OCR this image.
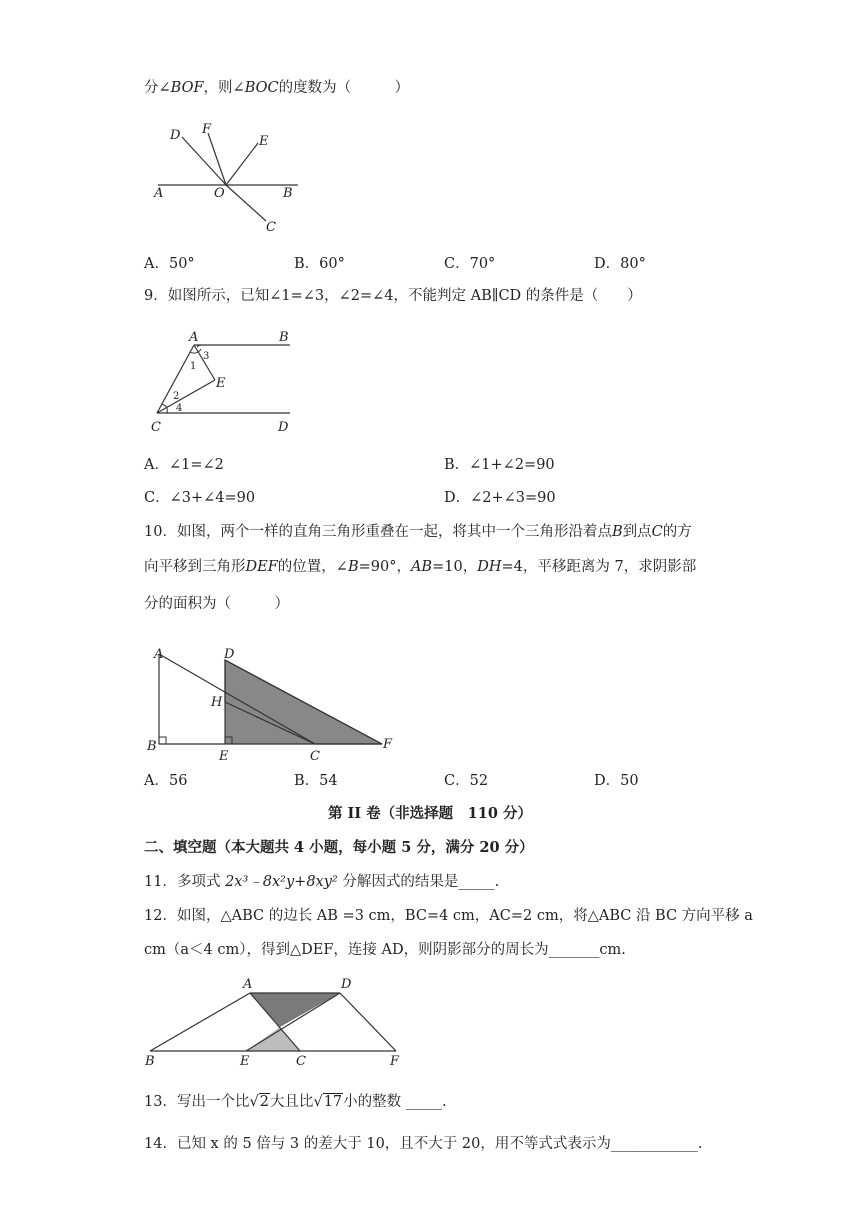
分∠BOF，则∠BOC的度数为（　　　）
D F
E
A	O	B
C
A．50°	B．60°	C．70°	D．80°
9．如图所示，已知∠1=∠3，∠2=∠4，不能判定 AB∥CD 的条件是（　　）
A	B
3
1
E
2
4
C	D
A．∠1=∠2	B．∠1+∠2=90
C．∠3+∠4=90	D．∠2+∠3=90
10．如图，两个一样的直角三角形重叠在一起，将其中一个三角形沿着点B到点C的方
向平移到三角形DEF的位置，∠B=90°，AB=10，DH=4，平移距离为 7，求阴影部
分的面积为（　　　）
A	D
H
B
E	C
F
A．56	B．54	C．52	D．50
第 II 卷（非选择题　110 分）
二、填空题（本大题共 4 小题，每小题 5 分，满分 20 分）
11．多项式 2x³﹣8x²y+8xy² 分解因式的结果是_____.
12．如图，△ABC 的边长 AB =3 cm，BC=4 cm，AC=2 cm，将△ABC 沿 BC 方向平移 a
cm（a＜4 cm），得到△DEF，连接 AD，则阴影部分的周长为_______cm.
A	D
B	E	C	F
13．写出一个比√2大且比√17小的整数 _____.
14．已知 x 的 5 倍与 3 的差大于 10，且不大于 20，用不等式式表示为____________.
